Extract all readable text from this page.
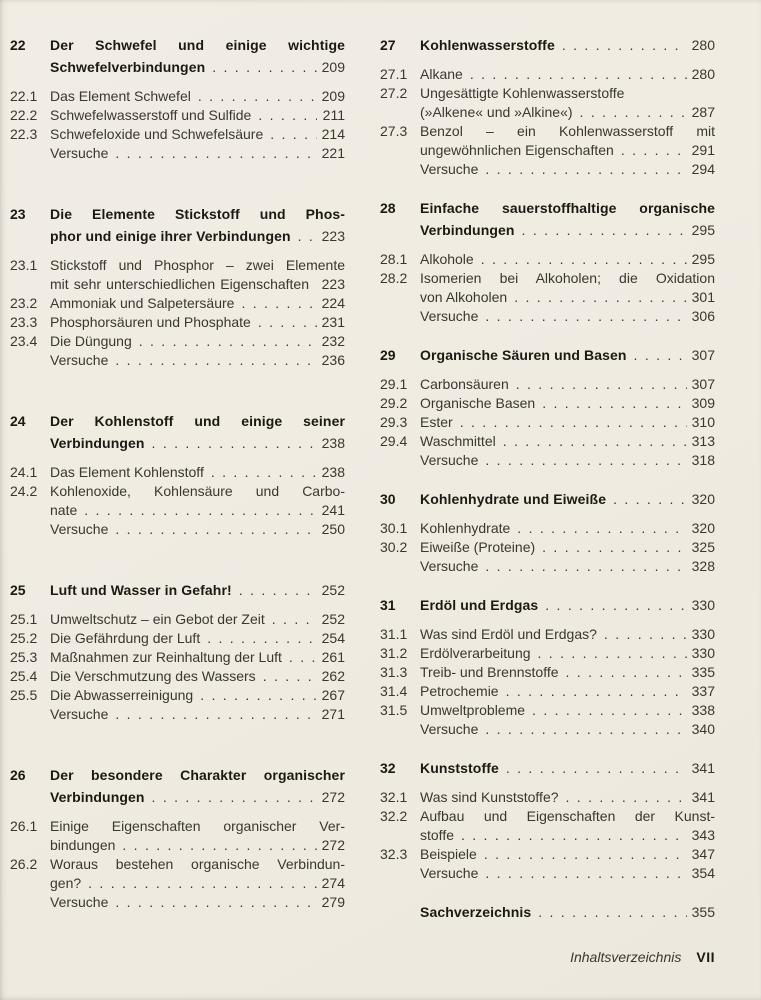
22	Der Schwefel und einige wichtige
Schwefelverbindungen . . .	209
22.1 Das Element Schwefel . . .	209
22.2 Schwefelwasserstoff und Sulfide . . .	211
22.3 Schwefeloxide und Schwefelsäure . . .	214
Versuche . . .	221
23	Die Elemente Stickstoff und Phos-
phor und einige ihrer Verbindungen . . . 223
23.1 Stickstoff und Phosphor – zwei Elemente
mit sehr unterschiedlichen Eigenschaften 223
23.2 Ammoniak und Salpetersäure . . .	224
23.3 Phosphorsäuren und Phosphate . . .	231
23.4 Die Düngung . . .	232
Versuche . . .	236
24	Der Kohlenstoff und einige seiner
Verbindungen . . .	238
24.1 Das Element Kohlenstoff . . .	238
24.2 Kohlenoxide, Kohlensäure und Carbo-
nate . . .	241
Versuche . . .	250
25	Luft und Wasser in Gefahr! . . .	252
25.1 Umweltschutz – ein Gebot der Zeit . . .	252
25.2 Die Gefährdung der Luft . . .	254
25.3 Maßnahmen zur Reinhaltung der Luft . . .	261
25.4 Die Verschmutzung des Wassers . . .	262
25.5 Die Abwasserreinigung . . .	267
Versuche . . .	271
26	Der besondere Charakter organischer
Verbindungen . . .	272
26.1 Einige Eigenschaften organischer Ver-
bindungen . . .	272
26.2 Woraus bestehen organische Verbindun-
gen? . . .	274
Versuche . . .	279
27	Kohlenwasserstoffe . . .	280
27.1 Alkane . . .	280
27.2 Ungesättigte Kohlenwasserstoffe
(»Alkene« und »Alkine«) . . .	287
27.3 Benzol – ein Kohlenwasserstoff mit
ungewöhnlichen Eigenschaften . . .	291
Versuche . . .	294
28	Einfache sauerstoffhaltige organische
Verbindungen . . .	295
28.1 Alkohole . . .	295
28.2 Isomerien bei Alkoholen; die Oxidation
von Alkoholen . . .	301
Versuche . . .	306
29	Organische Säuren und Basen . . .	307
29.1 Carbonsäuren . . .	307
29.2 Organische Basen . . .	309
29.3 Ester . . .	310
29.4 Waschmittel . . .	313
Versuche . . .	318
30	Kohlenhydrate und Eiweiße . . .	320
30.1 Kohlenhydrate . . .	320
30.2 Eiweiße (Proteine) . . .	325
Versuche . . .	328
31	Erdöl und Erdgas . . .	330
31.1 Was sind Erdöl und Erdgas? . . .	330
31.2 Erdölverarbeitung . . .	330
31.3 Treib- und Brennstoffe . . .	335
31.4 Petrochemie . . .	337
31.5 Umweltprobleme . . .	338
Versuche . . .	340
32	Kunststoffe . . .	341
32.1 Was sind Kunststoffe? . . .	341
32.2 Aufbau und Eigenschaften der Kunst-
stoffe . . .	343
32.3 Beispiele . . .	347
Versuche . . .	354
Sachverzeichnis . . .	355
Inhaltsverzeichnis VII
